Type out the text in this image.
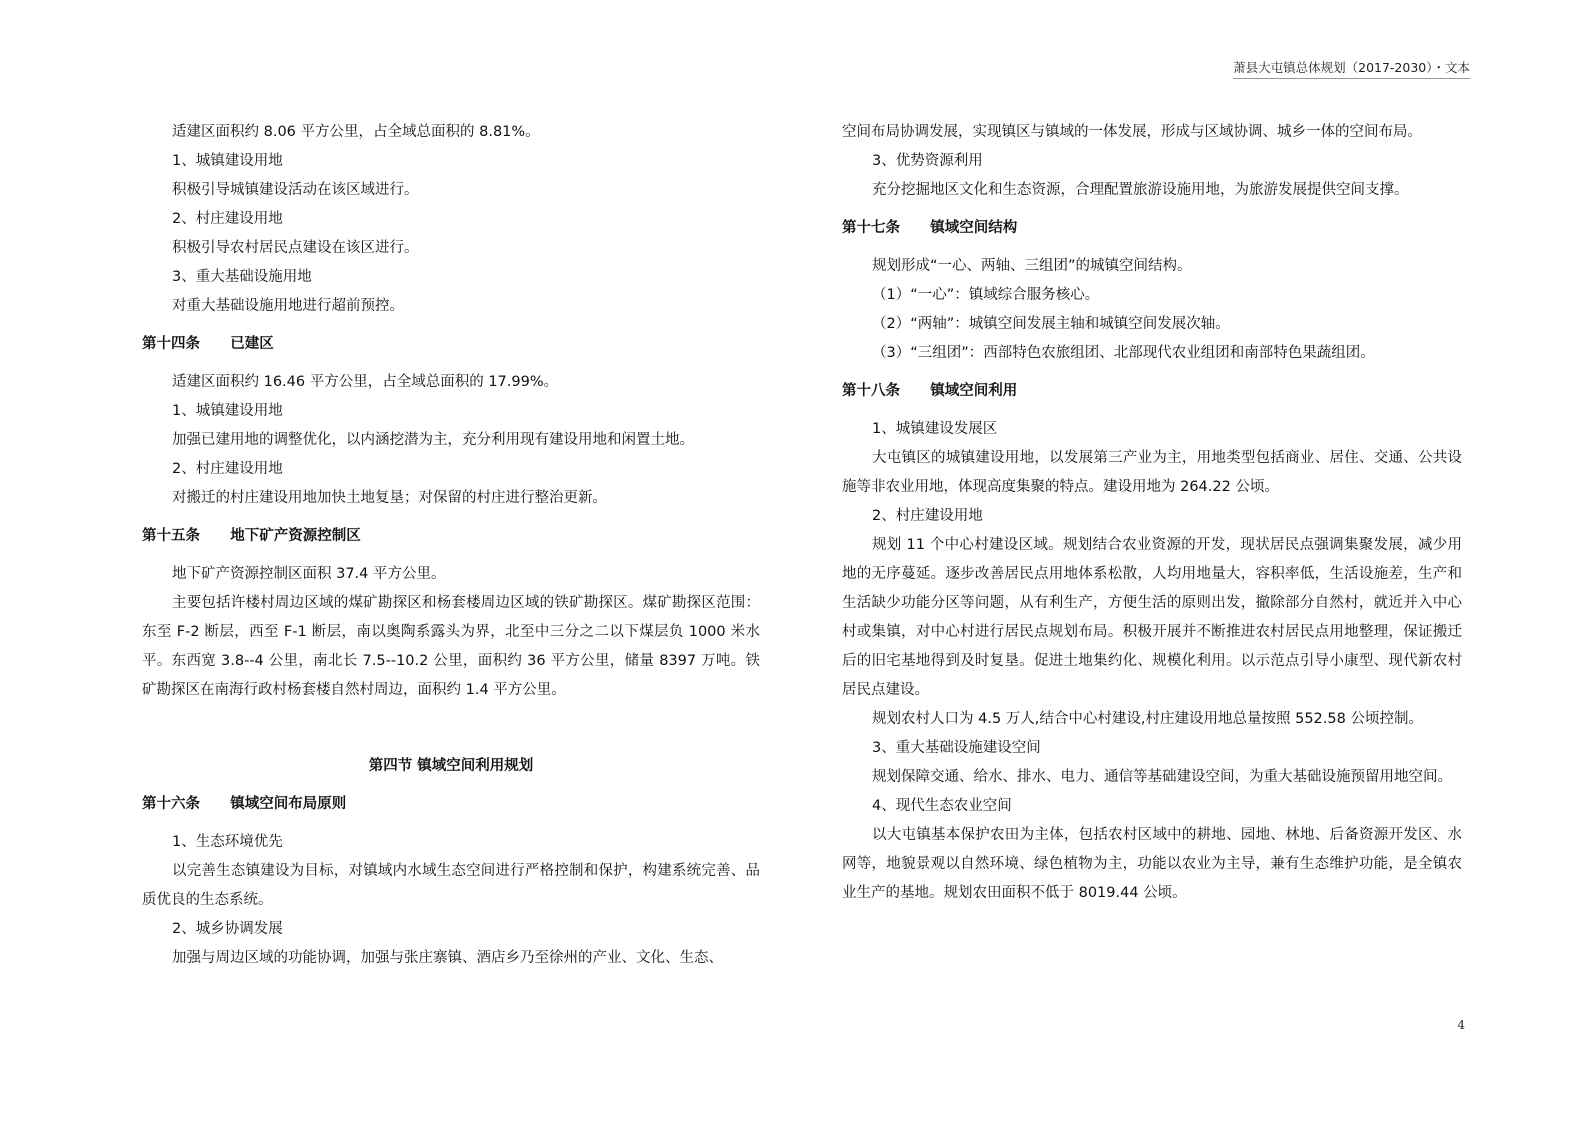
萧县大屯镇总体规划（2017-2030）・文本

适建区面积约 8.06 平方公里，占全域总面积的 8.81%。

1、城镇建设用地

积极引导城镇建设活动在该区域进行。

2、村庄建设用地

积极引导农村居民点建设在该区进行。

3、重大基础设施用地

对重大基础设施用地进行超前预控。

第十四条      已建区

适建区面积约 16.46 平方公里，占全域总面积的 17.99%。

1、城镇建设用地

加强已建用地的调整优化，以内涵挖潜为主，充分利用现有建设用地和闲置土地。

2、村庄建设用地

对搬迁的村庄建设用地加快土地复垦；对保留的村庄进行整治更新。

第十五条      地下矿产资源控制区

地下矿产资源控制区面积 37.4 平方公里。

主要包括许楼村周边区域的煤矿勘探区和杨套楼周边区域的铁矿勘探区。煤矿勘探区范围：东至 F-2 断层，西至 F-1 断层，南以奥陶系露头为界，北至中三分之二以下煤层负 1000 米水平。东西宽 3.8--4 公里，南北长 7.5--10.2 公里，面积约 36 平方公里，储量 8397 万吨。铁矿勘探区在南海行政村杨套楼自然村周边，面积约 1.4 平方公里。

第四节 镇域空间利用规划
第十六条      镇域空间布局原则

1、生态环境优先

以完善生态镇建设为目标，对镇域内水域生态空间进行严格控制和保护，构建系统完善、品质优良的生态系统。

2、城乡协调发展

加强与周边区域的功能协调，加强与张庄寨镇、酒店乡乃至徐州的产业、文化、生态、

空间布局协调发展，实现镇区与镇域的一体发展，形成与区域协调、城乡一体的空间布局。

3、优势资源利用

充分挖掘地区文化和生态资源，合理配置旅游设施用地，为旅游发展提供空间支撑。

第十七条      镇域空间结构

规划形成“一心、两轴、三组团”的城镇空间结构。

（1）“一心”：镇域综合服务核心。

（2）“两轴”：城镇空间发展主轴和城镇空间发展次轴。

（3）“三组团”：西部特色农旅组团、北部现代农业组团和南部特色果蔬组团。

第十八条      镇域空间利用

1、城镇建设发展区

大屯镇区的城镇建设用地，以发展第三产业为主，用地类型包括商业、居住、交通、公共设施等非农业用地，体现高度集聚的特点。建设用地为 264.22 公顷。

2、村庄建设用地

规划 11 个中心村建设区域。规划结合农业资源的开发，现状居民点强调集聚发展，减少用地的无序蔓延。逐步改善居民点用地体系松散，人均用地量大，容积率低，生活设施差，生产和生活缺少功能分区等问题，从有利生产，方便生活的原则出发，撤除部分自然村，就近并入中心村或集镇，对中心村进行居民点规划布局。积极开展并不断推进农村居民点用地整理，保证搬迁后的旧宅基地得到及时复垦。促进土地集约化、规模化利用。以示范点引导小康型、现代新农村居民点建设。

规划农村人口为 4.5 万人,结合中心村建设,村庄建设用地总量按照 552.58 公顷控制。

3、重大基础设施建设空间

规划保障交通、给水、排水、电力、通信等基础建设空间，为重大基础设施预留用地空间。

4、现代生态农业空间

以大屯镇基本保护农田为主体，包括农村区域中的耕地、园地、林地、后备资源开发区、水网等，地貌景观以自然环境、绿色植物为主，功能以农业为主导，兼有生态维护功能，是全镇农业生产的基地。规划农田面积不低于 8019.44 公顷。

4
